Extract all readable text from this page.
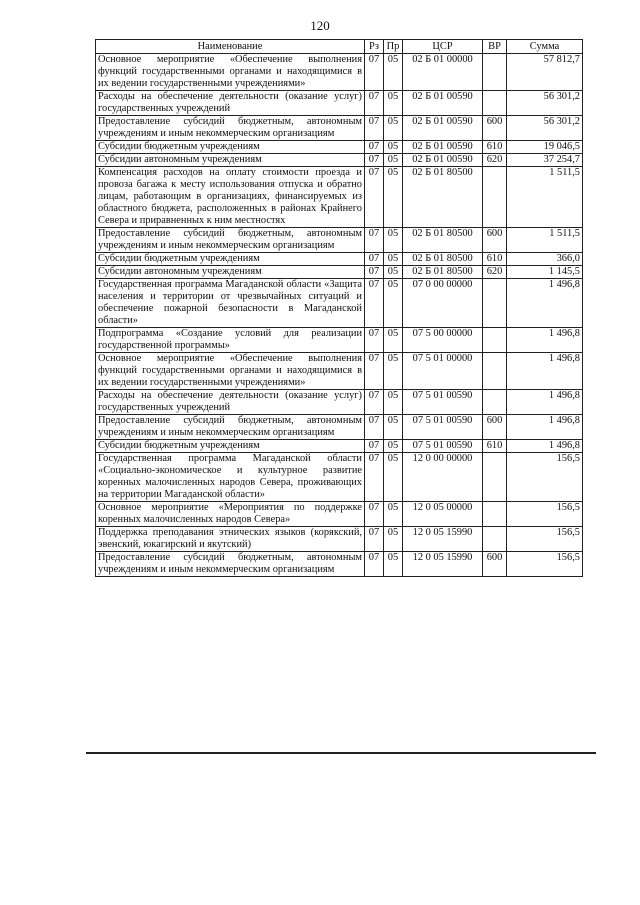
120
Наименование	Рз	Пр	ЦСР	ВР	Сумма
Основное мероприятие «Обеспечение выполнения функций государственными органами и находящимися в их ведении государственными учреждениями»	07	05	02 Б 01 00000		57 812,7
Расходы на обеспечение деятельности (оказание услуг) государственных учреждений	07	05	02 Б 01 00590		56 301,2
Предоставление субсидий бюджетным, автономным учреждениям и иным некоммерческим организациям	07	05	02 Б 01 00590	600	56 301,2
Субсидии бюджетным учреждениям	07	05	02 Б 01 00590	610	19 046,5
Субсидии автономным учреждениям	07	05	02 Б 01 00590	620	37 254,7
Компенсация расходов на оплату стоимости проезда и провоза багажа к месту использования отпуска и обратно лицам, работающим в организациях, финансируемых из областного бюджета, расположенных в районах Крайнего Севера и приравненных к ним местностях	07	05	02 Б 01 80500		1 511,5
Предоставление субсидий бюджетным, автономным учреждениям и иным некоммерческим организациям	07	05	02 Б 01 80500	600	1 511,5
Субсидии бюджетным учреждениям	07	05	02 Б 01 80500	610	366,0
Субсидии автономным учреждениям	07	05	02 Б 01 80500	620	1 145,5
Государственная программа Магаданской области «Защита населения и территории от чрезвычайных ситуаций и обеспечение пожарной безопасности в Магаданской области»	07	05	07 0 00 00000		1 496,8
Подпрограмма «Создание условий для реализации государственной программы»	07	05	07 5 00 00000		1 496,8
Основное мероприятие «Обеспечение выполнения функций государственными органами и находящимися в их ведении государственными учреждениями»	07	05	07 5 01 00000		1 496,8
Расходы на обеспечение деятельности (оказание услуг) государственных учреждений	07	05	07 5 01 00590		1 496,8
Предоставление субсидий бюджетным, автономным учреждениям и иным некоммерческим организациям	07	05	07 5 01 00590	600	1 496,8
Субсидии бюджетным учреждениям	07	05	07 5 01 00590	610	1 496,8
Государственная программа Магаданской области «Социально-экономическое и культурное развитие коренных малочисленных народов Севера, проживающих на территории Магаданской области»	07	05	12 0 00 00000		156,5
Основное мероприятие «Мероприятия по поддержке коренных малочисленных народов Севера»	07	05	12 0 05 00000		156,5
Поддержка преподавания этнических языков (корякский, эвенский, юкагирский и якутский)	07	05	12 0 05 15990		156,5
Предоставление субсидий бюджетным, автономным учреждениям и иным некоммерческим организациям	07	05	12 0 05 15990	600	156,5
